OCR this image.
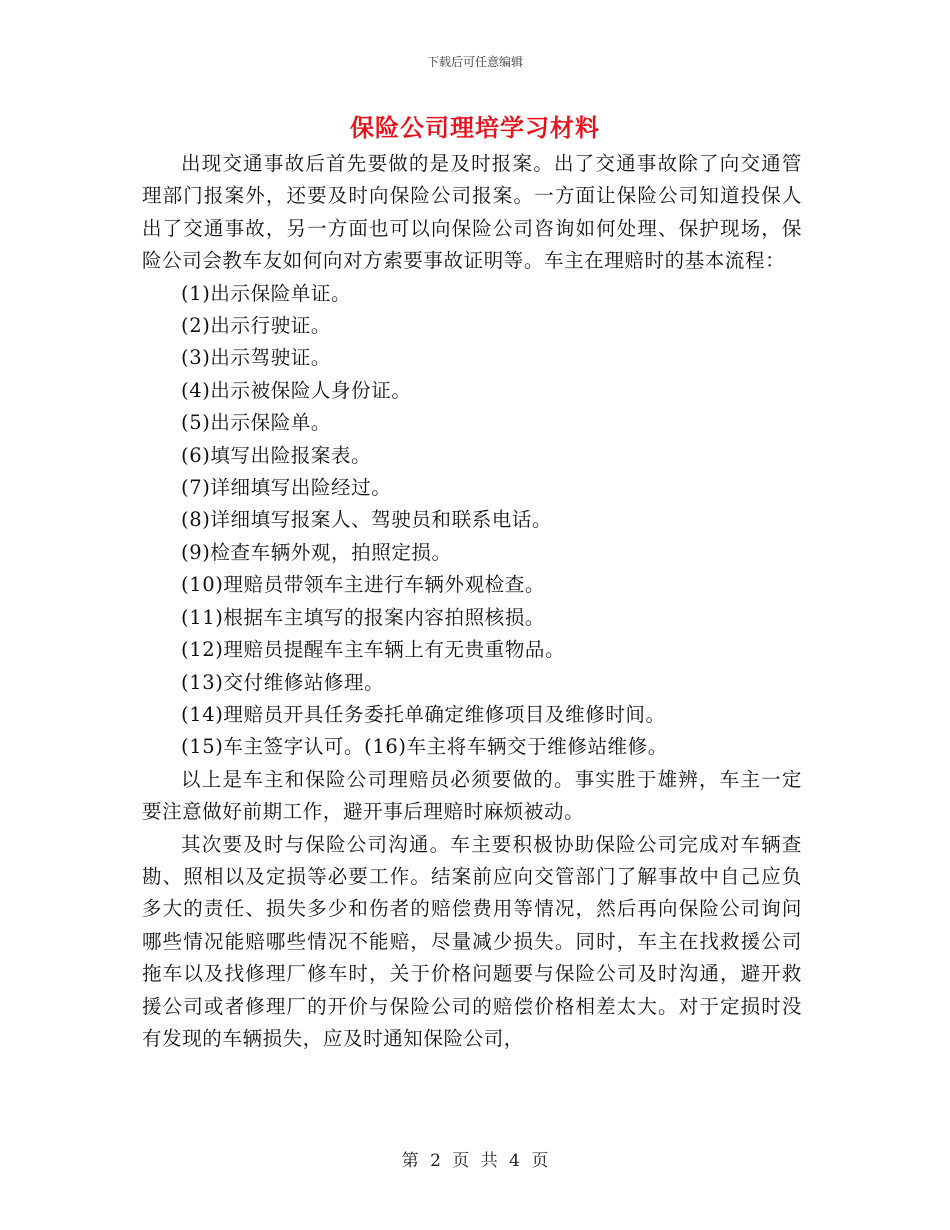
下载后可任意编辑
保险公司理培学习材料

出现交通事故后首先要做的是及时报案。出了交通事故除了向交通管理部门报案外，还要及时向保险公司报案。一方面让保险公司知道投保人出了交通事故，另一方面也可以向保险公司咨询如何处理、保护现场，保险公司会教车友如何向对方索要事故证明等。车主在理赔时的基本流程：

(1)出示保险单证。
(2)出示行驶证。
(3)出示驾驶证。
(4)出示被保险人身份证。
(5)出示保险单。
(6)填写出险报案表。
(7)详细填写出险经过。
(8)详细填写报案人、驾驶员和联系电话。
(9)检查车辆外观，拍照定损。
(10)理赔员带领车主进行车辆外观检查。
(11)根据车主填写的报案内容拍照核损。
(12)理赔员提醒车主车辆上有无贵重物品。
(13)交付维修站修理。
(14)理赔员开具任务委托单确定维修项目及维修时间。
(15)车主签字认可。(16)车主将车辆交于维修站维修。

以上是车主和保险公司理赔员必须要做的。事实胜于雄辨，车主一定要注意做好前期工作，避开事后理赔时麻烦被动。

其次要及时与保险公司沟通。车主要积极协助保险公司完成对车辆查勘、照相以及定损等必要工作。结案前应向交管部门了解事故中自己应负多大的责任、损失多少和伤者的赔偿费用等情况，然后再向保险公司询问哪些情况能赔哪些情况不能赔，尽量减少损失。同时，车主在找救援公司拖车以及找修理厂修车时，关于价格问题要与保险公司及时沟通，避开救援公司或者修理厂的开价与保险公司的赔偿价格相差太大。对于定损时没有发现的车辆损失，应及时通知保险公司，

第 2 页 共 4 页
